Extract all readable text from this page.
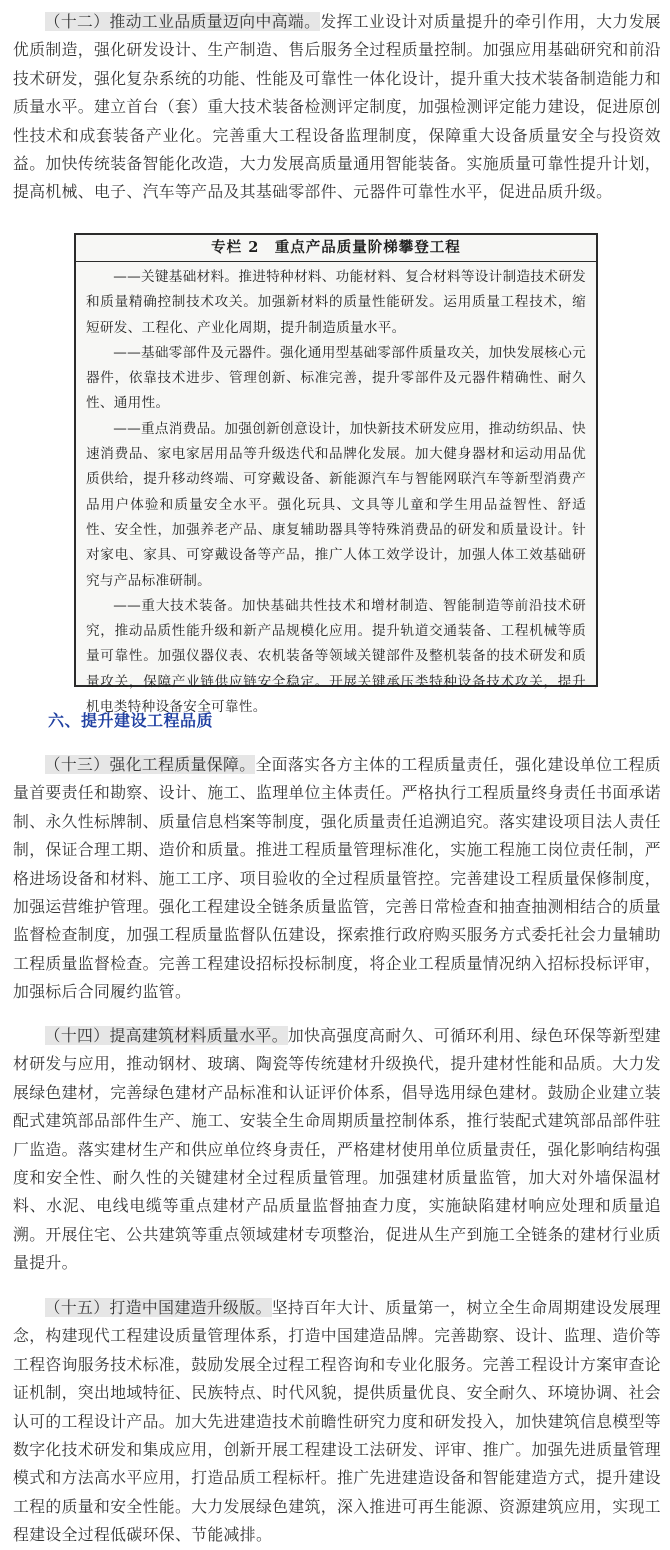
（十二）推动工业品质量迈向中高端。发挥工业设计对质量提升的牵引作用，大力发展优质制造，强化研发设计、生产制造、售后服务全过程质量控制。加强应用基础研究和前沿技术研发，强化复杂系统的功能、性能及可靠性一体化设计，提升重大技术装备制造能力和质量水平。建立首台（套）重大技术装备检测评定制度，加强检测评定能力建设，促进原创性技术和成套装备产业化。完善重大工程设备监理制度，保障重大设备质量安全与投资效益。加快传统装备智能化改造，大力发展高质量通用智能装备。实施质量可靠性提升计划，提高机械、电子、汽车等产品及其基础零部件、元器件可靠性水平，促进品质升级。

专栏 2　重点产品质量阶梯攀登工程

——关键基础材料。推进特种材料、功能材料、复合材料等设计制造技术研发和质量精确控制技术攻关。加强新材料的质量性能研发。运用质量工程技术，缩短研发、工程化、产业化周期，提升制造质量水平。

——基础零部件及元器件。强化通用型基础零部件质量攻关，加快发展核心元器件，依靠技术进步、管理创新、标准完善，提升零部件及元器件精确性、耐久性、通用性。

——重点消费品。加强创新创意设计，加快新技术研发应用，推动纺织品、快速消费品、家电家居用品等升级迭代和品牌化发展。加大健身器材和运动用品优质供给，提升移动终端、可穿戴设备、新能源汽车与智能网联汽车等新型消费产品用户体验和质量安全水平。强化玩具、文具等儿童和学生用品益智性、舒适性、安全性，加强养老产品、康复辅助器具等特殊消费品的研发和质量设计。针对家电、家具、可穿戴设备等产品，推广人体工效学设计，加强人体工效基础研究与产品标准研制。

——重大技术装备。加快基础共性技术和增材制造、智能制造等前沿技术研究，推动品质性能升级和新产品规模化应用。提升轨道交通装备、工程机械等质量可靠性。加强仪器仪表、农机装备等领域关键部件及整机装备的技术研发和质量攻关，保障产业链供应链安全稳定。开展关键承压类特种设备技术攻关，提升机电类特种设备安全可靠性。

六、提升建设工程品质

（十三）强化工程质量保障。全面落实各方主体的工程质量责任，强化建设单位工程质量首要责任和勘察、设计、施工、监理单位主体责任。严格执行工程质量终身责任书面承诺制、永久性标牌制、质量信息档案等制度，强化质量责任追溯追究。落实建设项目法人责任制，保证合理工期、造价和质量。推进工程质量管理标准化，实施工程施工岗位责任制，严格进场设备和材料、施工工序、项目验收的全过程质量管控。完善建设工程质量保修制度，加强运营维护管理。强化工程建设全链条质量监管，完善日常检查和抽查抽测相结合的质量监督检查制度，加强工程质量监督队伍建设，探索推行政府购买服务方式委托社会力量辅助工程质量监督检查。完善工程建设招标投标制度，将企业工程质量情况纳入招标投标评审，加强标后合同履约监管。

（十四）提高建筑材料质量水平。加快高强度高耐久、可循环利用、绿色环保等新型建材研发与应用，推动钢材、玻璃、陶瓷等传统建材升级换代，提升建材性能和品质。大力发展绿色建材，完善绿色建材产品标准和认证评价体系，倡导选用绿色建材。鼓励企业建立装配式建筑部品部件生产、施工、安装全生命周期质量控制体系，推行装配式建筑部品部件驻厂监造。落实建材生产和供应单位终身责任，严格建材使用单位质量责任，强化影响结构强度和安全性、耐久性的关键建材全过程质量管理。加强建材质量监管，加大对外墙保温材料、水泥、电线电缆等重点建材产品质量监督抽查力度，实施缺陷建材响应处理和质量追溯。开展住宅、公共建筑等重点领域建材专项整治，促进从生产到施工全链条的建材行业质量提升。

（十五）打造中国建造升级版。坚持百年大计、质量第一，树立全生命周期建设发展理念，构建现代工程建设质量管理体系，打造中国建造品牌。完善勘察、设计、监理、造价等工程咨询服务技术标准，鼓励发展全过程工程咨询和专业化服务。完善工程设计方案审查论证机制，突出地域特征、民族特点、时代风貌，提供质量优良、安全耐久、环境协调、社会认可的工程设计产品。加大先进建造技术前瞻性研究力度和研发投入，加快建筑信息模型等数字化技术研发和集成应用，创新开展工程建设工法研发、评审、推广。加强先进质量管理模式和方法高水平应用，打造品质工程标杆。推广先进建造设备和智能建造方式，提升建设工程的质量和安全性能。大力发展绿色建筑，深入推进可再生能源、资源建筑应用，实现工程建设全过程低碳环保、节能减排。
